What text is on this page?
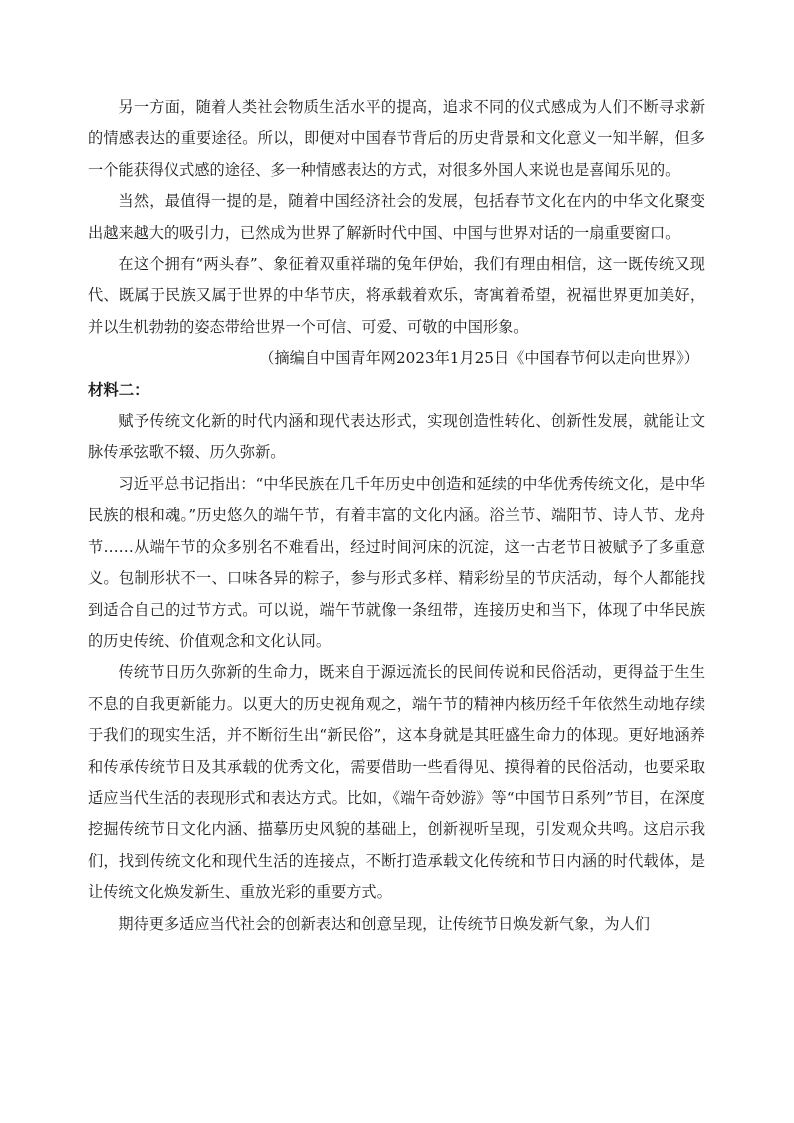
另一方面，随着人类社会物质生活水平的提高，追求不同的仪式感成为人们不断寻求新的情感表达的重要途径。所以，即便对中国春节背后的历史背景和文化意义一知半解，但多一个能获得仪式感的途径、多一种情感表达的方式，对很多外国人来说也是喜闻乐见的。

当然，最值得一提的是，随着中国经济社会的发展，包括春节文化在内的中华文化聚变出越来越大的吸引力，已然成为世界了解新时代中国、中国与世界对话的一扇重要窗口。

在这个拥有“两头春”、象征着双重祥瑞的兔年伊始，我们有理由相信，这一既传统又现代、既属于民族又属于世界的中华节庆，将承载着欢乐，寄寓着希望，祝福世界更加美好，并以生机勃勃的姿态带给世界一个可信、可爱、可敬的中国形象。

（摘编自中国青年网2023年1月25日《中国春节何以走向世界》）

材料二：

赋予传统文化新的时代内涵和现代表达形式，实现创造性转化、创新性发展，就能让文脉传承弦歌不辍、历久弥新。

习近平总书记指出：“中华民族在几千年历史中创造和延续的中华优秀传统文化，是中华民族的根和魂。”历史悠久的端午节，有着丰富的文化内涵。浴兰节、端阳节、诗人节、龙舟节……从端午节的众多别名不难看出，经过时间河床的沉淀，这一古老节日被赋予了多重意义。包制形状不一、口味各异的粽子，参与形式多样、精彩纷呈的节庆活动，每个人都能找到适合自己的过节方式。可以说，端午节就像一条纽带，连接历史和当下，体现了中华民族的历史传统、价值观念和文化认同。

传统节日历久弥新的生命力，既来自于源远流长的民间传说和民俗活动，更得益于生生不息的自我更新能力。以更大的历史视角观之，端午节的精神内核历经千年依然生动地存续于我们的现实生活，并不断衍生出“新民俗”，这本身就是其旺盛生命力的体现。更好地涵养和传承传统节日及其承载的优秀文化，需要借助一些看得见、摸得着的民俗活动，也要采取适应当代生活的表现形式和表达方式。比如，《端午奇妙游》等“中国节日系列”节目，在深度挖掘传统节日文化内涵、描摹历史风貌的基础上，创新视听呈现，引发观众共鸣。这启示我们，找到传统文化和现代生活的连接点，不断打造承载文化传统和节日内涵的时代载体，是让传统文化焕发新生、重放光彩的重要方式。

期待更多适应当代社会的创新表达和创意呈现，让传统节日焕发新气象，为人们
